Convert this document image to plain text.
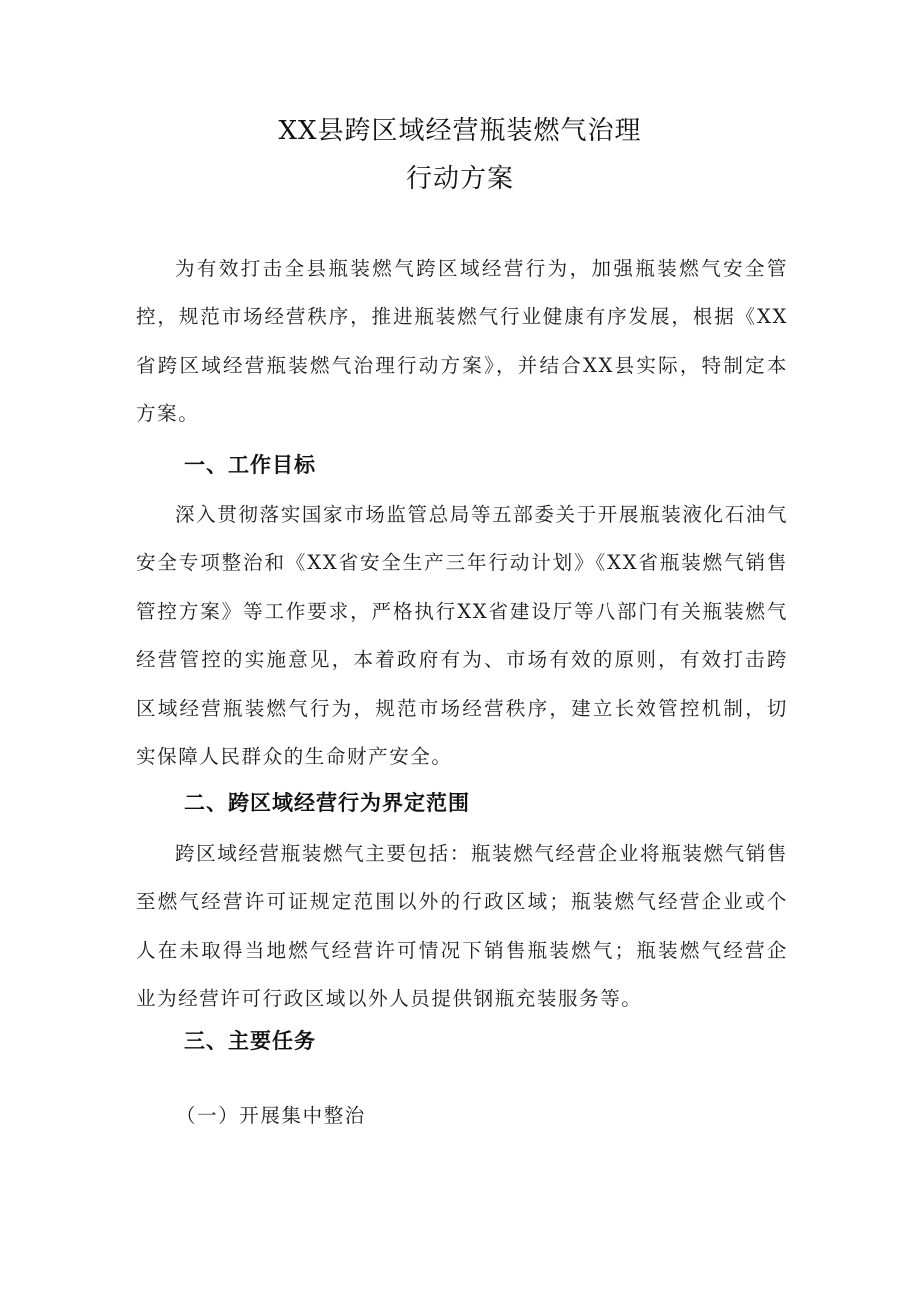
XX县跨区域经营瓶装燃气治理
行动方案

为有效打击全县瓶装燃气跨区域经营行为，加强瓶装燃气安全管控，规范市场经营秩序，推进瓶装燃气行业健康有序发展，根据《XX省跨区域经营瓶装燃气治理行动方案》，并结合XX县实际，特制定本方案。

一、工作目标

深入贯彻落实国家市场监管总局等五部委关于开展瓶装液化石油气安全专项整治和《XX省安全生产三年行动计划》《XX省瓶装燃气销售管控方案》等工作要求，严格执行XX省建设厅等八部门有关瓶装燃气经营管控的实施意见，本着政府有为、市场有效的原则，有效打击跨区域经营瓶装燃气行为，规范市场经营秩序，建立长效管控机制，切实保障人民群众的生命财产安全。

二、跨区域经营行为界定范围

跨区域经营瓶装燃气主要包括：瓶装燃气经营企业将瓶装燃气销售至燃气经营许可证规定范围以外的行政区域；瓶装燃气经营企业或个人在未取得当地燃气经营许可情况下销售瓶装燃气；瓶装燃气经营企业为经营许可行政区域以外人员提供钢瓶充装服务等。

三、主要任务
（一）开展集中整治
